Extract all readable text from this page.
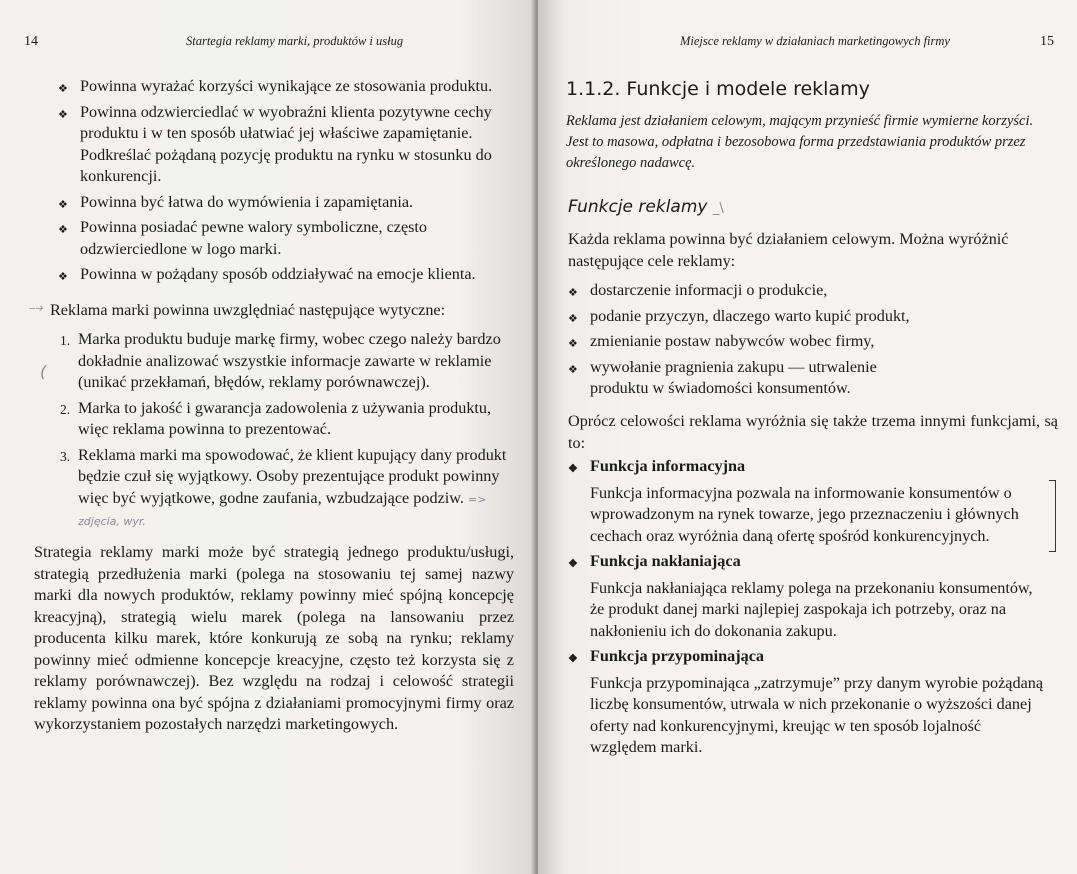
14	Startegia reklamy marki, produktów i usług

❖ Powinna wyrażać korzyści wynikające ze stosowania produktu.

❖ Powinna odzwierciedlać w wyobraźni klienta pozytywne cechy produktu i w ten sposób ułatwiać jej właściwe zapamiętanie. Podkreślać pożądaną pozycję produktu na rynku w stosunku do konkurencji.

❖ Powinna być łatwa do wymówienia i zapamiętania.

❖ Powinna posiadać pewne walory symboliczne, często odzwierciedlone w logo marki.

❖ Powinna w pożądany sposób oddziaływać na emocje klienta.

⤍ Reklama marki powinna uwzględniać następujące wytyczne:

1. Marka produktu buduje markę firmy, wobec czego należy bardzo dokładnie analizować wszystkie informacje zawarte w reklamie (unikać przekłamań, błędów, reklamy porównawczej).

2. Marka to jakość i gwarancja zadowolenia z używania produktu, więc reklama powinna to prezentować.

3. Reklama marki ma spowodować, że klient kupujący dany produkt będzie czuł się wyjątkowy. Osoby prezentujące produkt powinny więc być wyjątkowe, godne zaufania, wzbudzające podziw. => zdjęcia, wyr.

(
Strategia reklamy marki może być strategią jednego produktu/usługi, strategią przedłużenia marki (polega na stosowaniu tej samej nazwy marki dla nowych produktów, reklamy powinny mieć spójną koncepcję kreacyjną), strategią wielu marek (polega na lansowaniu przez producenta kilku marek, które konkurują ze sobą na rynku; reklamy powinny mieć odmienne koncepcje kreacyjne, często też korzysta się z reklamy porównawczej). Bez względu na rodzaj i celowość strategii reklamy powinna ona być spójna z działaniami promocyjnymi firmy oraz wykorzystaniem pozostałych narzędzi marketingowych.
Miejsce reklamy w działaniach marketingowych firmy	15
1.1.2. Funkcje i modele reklamy
Reklama jest działaniem celowym, mającym przynieść firmie wymierne korzyści. Jest to masowa, odpłatna i bezosobowa forma przedstawiania produktów przez określonego nadawcę.
Funkcje reklamy _\
Każda reklama powinna być działaniem celowym. Można wyróżnić następujące cele reklamy:

❖ dostarczenie informacji o produkcie,

❖ podanie przyczyn, dlaczego warto kupić produkt,

❖ zmienianie postaw nabywców wobec firmy,

❖ wywołanie pragnienia zakupu — utrwalenie produktu w świadomości konsumentów.

Oprócz celowości reklama wyróżnia się także trzema innymi funkcjami, są to:

❖ Funkcja informacyjna

Funkcja informacyjna pozwala na informowanie konsumentów o wprowadzonym na rynek towarze, jego przeznaczeniu i głównych cechach oraz wyróżnia daną ofertę spośród konkurencyjnych.

❖ Funkcja nakłaniająca

Funkcja nakłaniająca reklamy polega na przekonaniu konsumentów, że produkt danej marki najlepiej zaspokaja ich potrzeby, oraz na nakłonieniu ich do dokonania zakupu.

❖ Funkcja przypominająca

Funkcja przypominająca „zatrzymuje” przy danym wyrobie pożądaną liczbę konsumentów, utrwala w nich przekonanie o wyższości danej oferty nad konkurencyjnymi, kreując w ten sposób lojalność względem marki.
